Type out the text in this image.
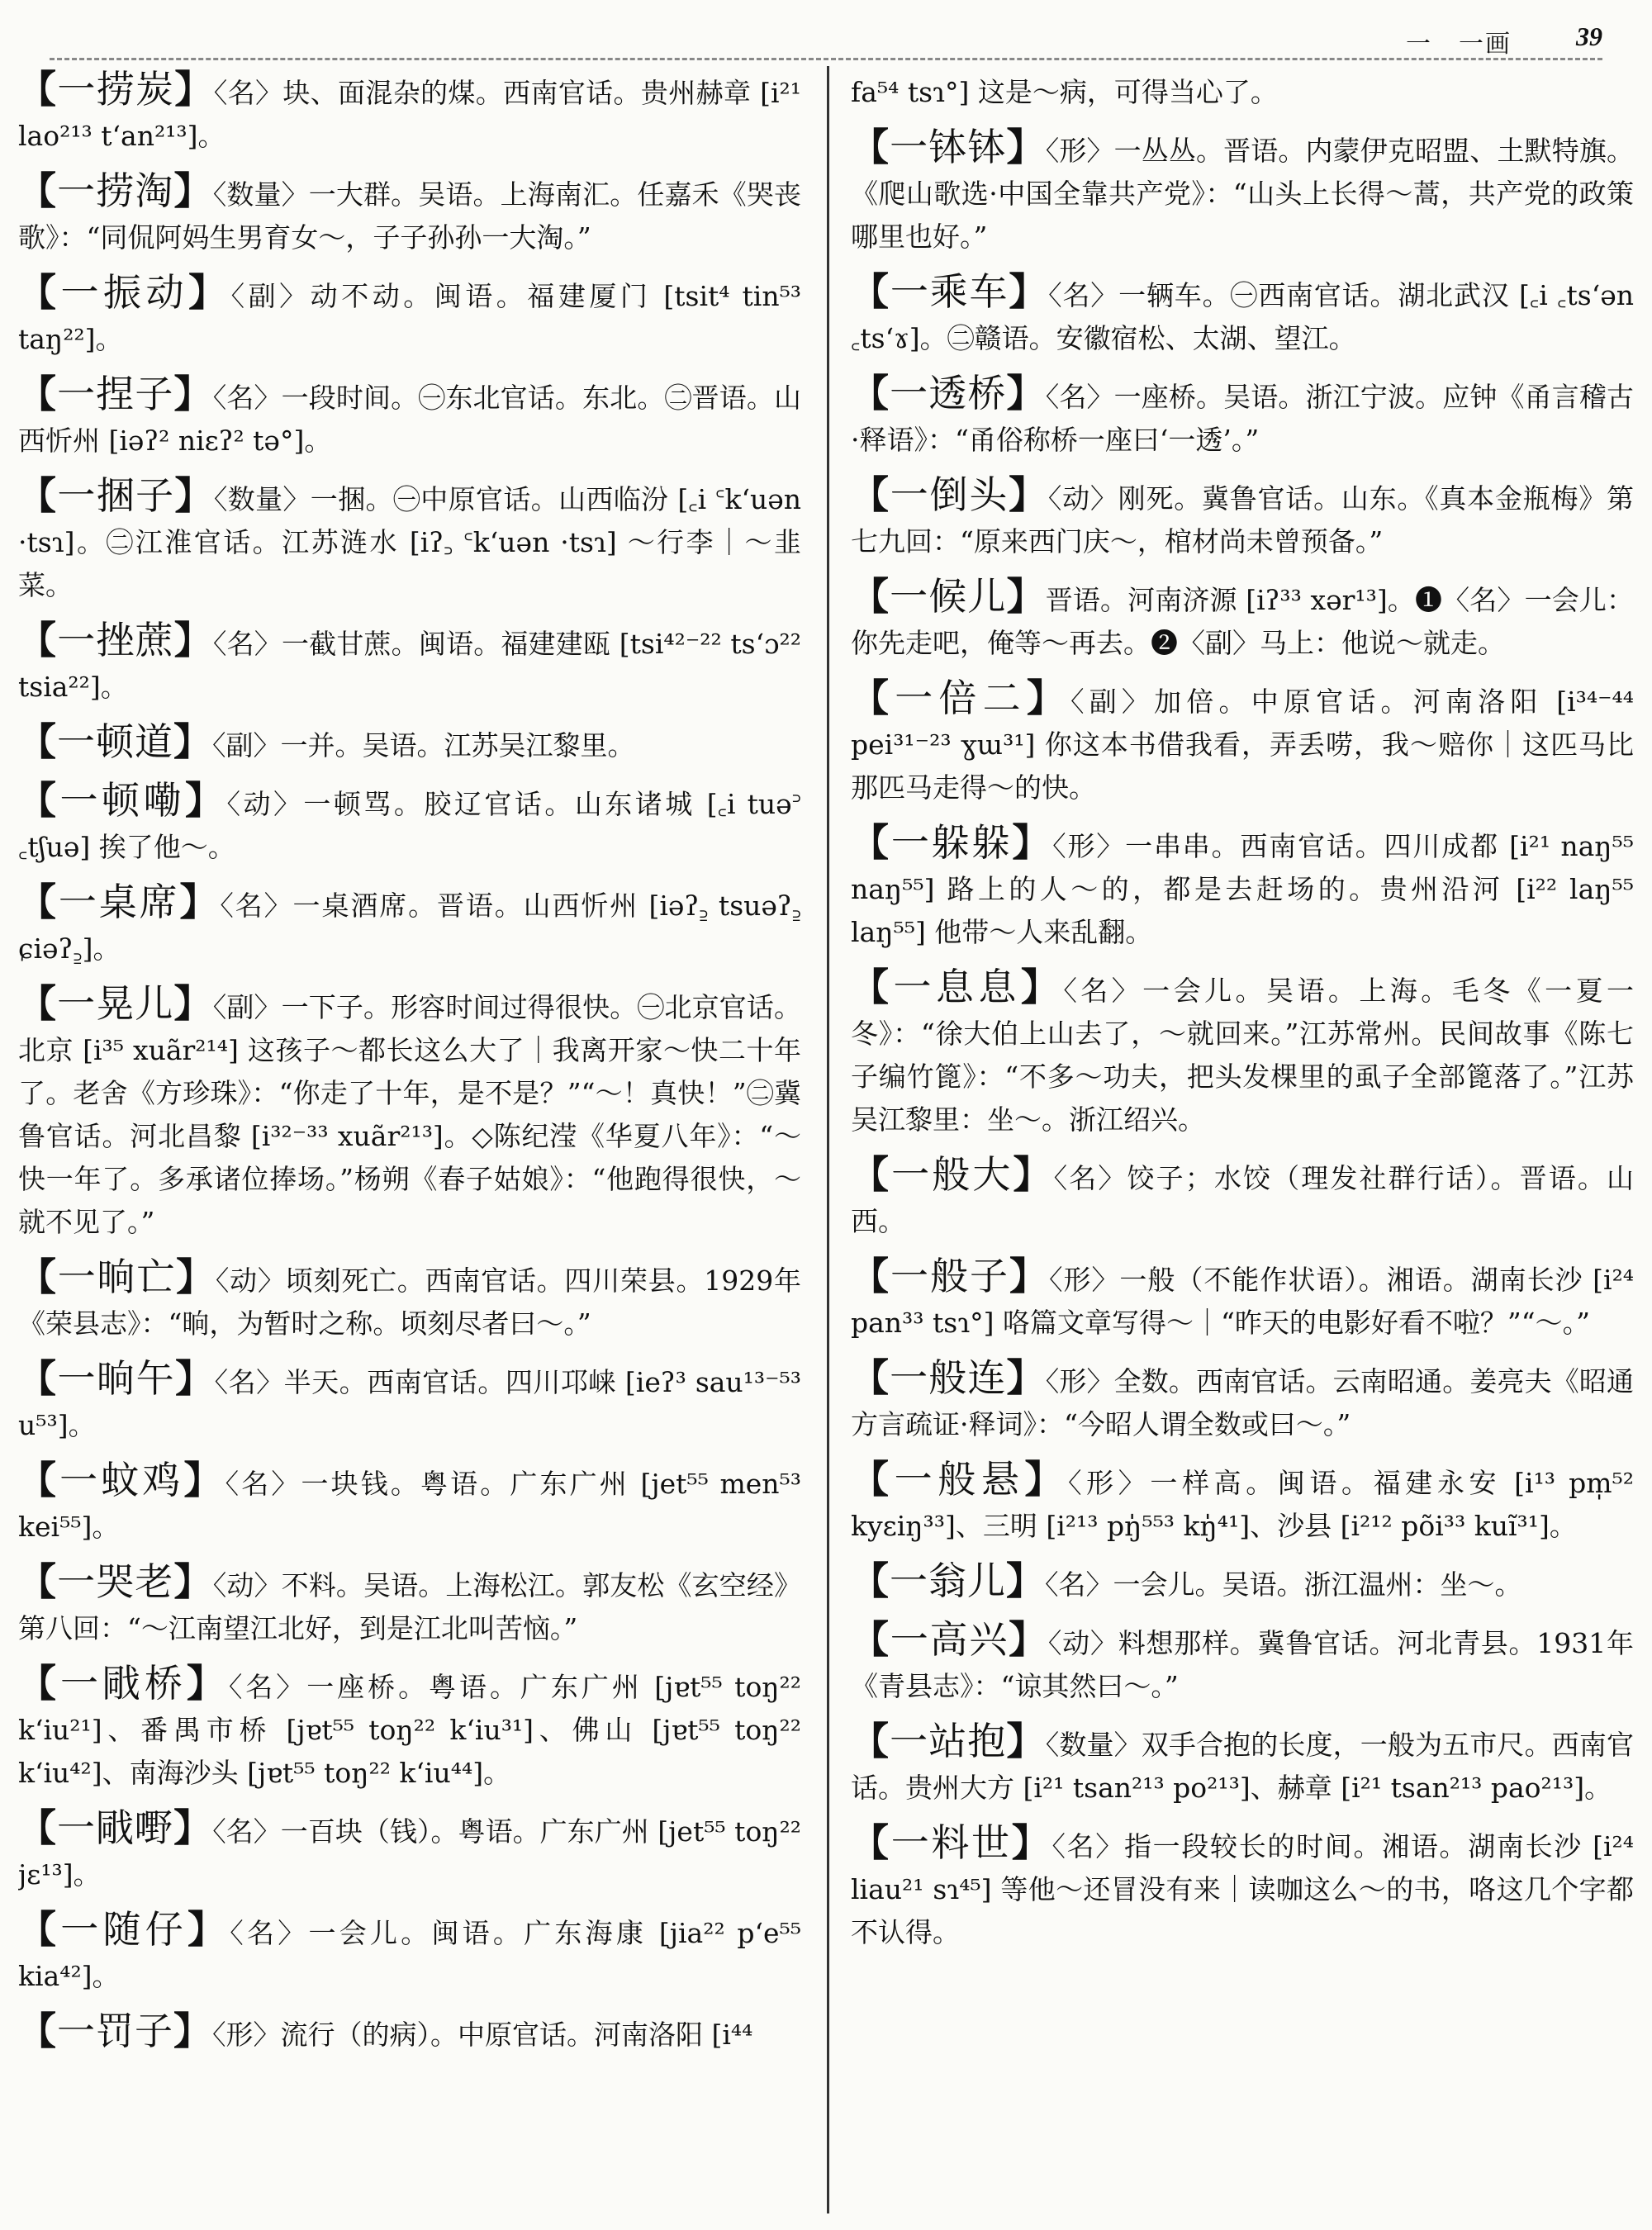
一　一画 39

【一捞炭】〈名〉块、面混杂的煤。西南官话。贵州赫章 [i²¹ lao²¹³ t‘an²¹³]。

【一捞淘】〈数量〉一大群。吴语。上海南汇。任嘉禾《哭丧歌》：“同侃阿妈生男育女～，子子孙孙一大淘。”

【一振动】〈副〉动不动。闽语。福建厦门 [tsit⁴ tin⁵³ taŋ²²]。

【一捏子】〈名〉一段时间。㊀东北官话。东北。㊁晋语。山西忻州 [iəʔ² niɛʔ² tə°]。

【一捆子】〈数量〉一捆。㊀中原官话。山西临汾 [꜀i ꜂k‘uən ·tsɿ]。㊁江淮官话。江苏涟水 [iʔ꜆ ꜂k‘uən ·tsɿ] ～行李｜～韭菜。

【一挫蔗】〈名〉一截甘蔗。闽语。福建建瓯 [tsi⁴²⁻²² ts‘ɔ²² tsia²²]。

【一顿道】〈副〉一并。吴语。江苏吴江黎里。

【一顿嘞】〈动〉一顿骂。胶辽官话。山东诸城 [꜀i tuə꜄ ꜀tʃuə] 挨了他～。

【一桌席】〈名〉一桌酒席。晋语。山西忻州 [iəʔ꜇ tsuəʔ꜇ ɕiəʔ꜇]。

【一晃儿】〈副〉一下子。形容时间过得很快。㊀北京官话。北京 [i³⁵ xuãr²¹⁴] 这孩子～都长这么大了｜我离开家～快二十年了。老舍《方珍珠》：“你走了十年，是不是？”“～！真快！”㊁冀鲁官话。河北昌黎 [i³²⁻³³ xuãr²¹³]。◇陈纪滢《华夏八年》：“～快一年了。多承诸位捧场。”杨朔《春子姑娘》：“他跑得很快，～就不见了。”

【一晌亡】〈动〉顷刻死亡。西南官话。四川荣县。1929年《荣县志》：“晌，为暂时之称。顷刻尽者曰～。”

【一晌午】〈名〉半天。西南官话。四川邛崃 [ieʔ³ sau¹³⁻⁵³ u⁵³]。

【一蚊鸡】〈名〉一块钱。粤语。广东广州 [jet⁵⁵ men⁵³ kei⁵⁵]。

【一哭老】〈动〉不料。吴语。上海松江。郭友松《玄空经》第八回：“～江南望江北好，到是江北叫苦恼。”

【一戙桥】〈名〉一座桥。粤语。广东广州 [jɐt⁵⁵ toŋ²² k‘iu²¹]、番禺市桥 [jɐt⁵⁵ toŋ²² k‘iu³¹]、佛山 [jɐt⁵⁵ toŋ²² k‘iu⁴²]、南海沙头 [jɐt⁵⁵ toŋ²² k‘iu⁴⁴]。

【一戙嘢】〈名〉一百块（钱）。粤语。广东广州 [jet⁵⁵ toŋ²² jɛ¹³]。

【一随仔】〈名〉一会儿。闽语。广东海康 [jia²² p‘e⁵⁵ kia⁴²]。

【一罚子】〈形〉流行（的病）。中原官话。河南洛阳 [i⁴⁴

fa⁵⁴ tsɿ°] 这是～病，可得当心了。

【一钵钵】〈形〉一丛丛。晋语。内蒙伊克昭盟、土默特旗。《爬山歌选·中国全靠共产党》：“山头上长得～蒿，共产党的政策哪里也好。”

【一乘车】〈名〉一辆车。㊀西南官话。湖北武汉 [꜀i ꜀ts‘ən ꜀ts‘ɤ]。㊁赣语。安徽宿松、太湖、望江。

【一透桥】〈名〉一座桥。吴语。浙江宁波。应钟《甬言稽古·释语》：“甬俗称桥一座曰‘一透’。”

【一倒头】〈动〉刚死。冀鲁官话。山东。《真本金瓶梅》第七九回：“原来西门庆～，棺材尚未曾预备。”

【一候儿】晋语。河南济源 [iʔ³³ xər¹³]。❶〈名〉一会儿：你先走吧，俺等～再去。❷〈副〉马上：他说～就走。

【一倍二】〈副〉加倍。中原官话。河南洛阳 [i³⁴⁻⁴⁴ pei³¹⁻²³ ɣɯ³¹] 你这本书借我看，弄丢唠，我～赔你｜这匹马比那匹马走得～的快。

【一躲躲】〈形〉一串串。西南官话。四川成都 [i²¹ naŋ⁵⁵ naŋ⁵⁵] 路上的人～的，都是去赶场的。贵州沿河 [i²² laŋ⁵⁵ laŋ⁵⁵] 他带～人来乱翻。

【一息息】〈名〉一会儿。吴语。上海。毛冬《一夏一冬》：“徐大伯上山去了，～就回来。”江苏常州。民间故事《陈七子编竹篦》：“不多～功夫，把头发棵里的虱子全部篦落了。”江苏吴江黎里：坐～。浙江绍兴。

【一般大】〈名〉饺子；水饺（理发社群行话）。晋语。山西。

【一般子】〈形〉一般（不能作状语）。湘语。湖南长沙 [i²⁴ pan³³ tsɿ°] 咯篇文章写得～｜“昨天的电影好看不啦？”“～。”

【一般连】〈形〉全数。西南官话。云南昭通。姜亮夫《昭通方言疏证·释词》：“今昭人谓全数或曰～。”

【一般悬】〈形〉一样高。闽语。福建永安 [i¹³ pm̩⁵² kyɛiŋ³³]、三明 [i²¹³ pŋ̍⁵⁵³ kŋ̍⁴¹]、沙县 [i²¹² põi³³ kuĩ³¹]。

【一翁儿】〈名〉一会儿。吴语。浙江温州：坐～。

【一高兴】〈动〉料想那样。冀鲁官话。河北青县。1931年《青县志》：“谅其然曰～。”

【一站抱】〈数量〉双手合抱的长度，一般为五市尺。西南官话。贵州大方 [i²¹ tsan²¹³ po²¹³]、赫章 [i²¹ tsan²¹³ pao²¹³]。

【一料世】〈名〉指一段较长的时间。湘语。湖南长沙 [i²⁴ liau²¹ sɿ⁴⁵] 等他～还冒没有来｜读咖这么～的书，咯这几个字都不认得。
